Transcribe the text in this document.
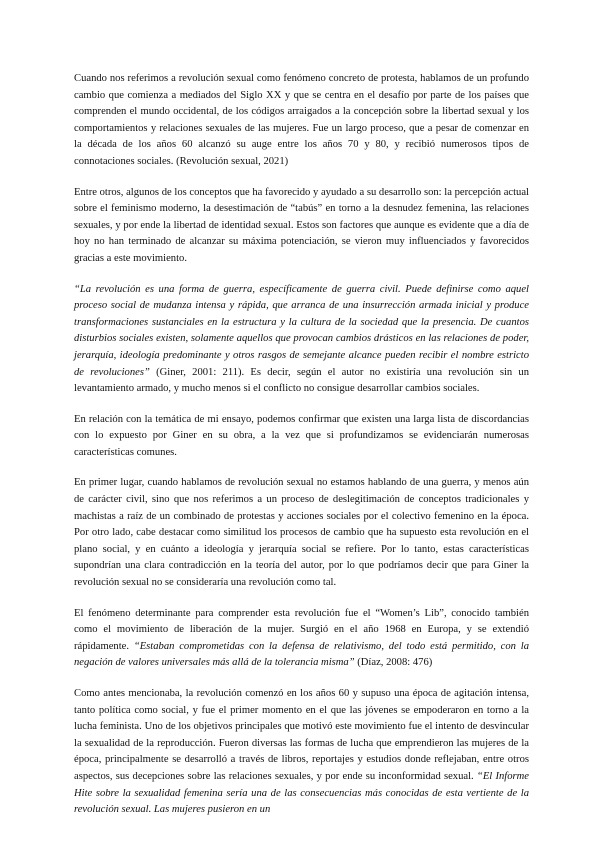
Cuando nos referimos a revolución sexual como fenómeno concreto de protesta, hablamos de un profundo cambio que comienza a mediados del Siglo XX y que se centra en el desafío por parte de los países que comprenden el mundo occidental, de los códigos arraigados a la concepción sobre la libertad sexual y los comportamientos y relaciones sexuales de las mujeres. Fue un largo proceso, que a pesar de comenzar en la década de los años 60 alcanzó su auge entre los años 70 y 80, y recibió numerosos tipos de connotaciones sociales. (Revolución sexual, 2021)

Entre otros, algunos de los conceptos que ha favorecido y ayudado a su desarrollo son: la percepción actual sobre el feminismo moderno, la desestimación de “tabús” en torno a la desnudez femenina, las relaciones sexuales, y por ende la libertad de identidad sexual. Estos son factores que aunque es evidente que a día de hoy no han terminado de alcanzar su máxima potenciación, se vieron muy influenciados y favorecidos gracias a este movimiento.

“La revolución es una forma de guerra, específicamente de guerra civil. Puede definirse como aquel proceso social de mudanza intensa y rápida, que arranca de una insurrección armada inicial y produce transformaciones sustanciales en la estructura y la cultura de la sociedad que la presencia. De cuantos disturbios sociales existen, solamente aquellos que provocan cambios drásticos en las relaciones de poder, jerarquía, ideología predominante y otros rasgos de semejante alcance pueden recibir el nombre estricto de revoluciones” (Giner, 2001: 211). Es decir, según el autor no existiría una revolución sin un levantamiento armado, y mucho menos si el conflicto no consigue desarrollar cambios sociales.

En relación con la temática de mi ensayo, podemos confirmar que existen una larga lista de discordancias con lo expuesto por Giner en su obra, a la vez que si profundizamos se evidenciarán numerosas características comunes.

En primer lugar, cuando hablamos de revolución sexual no estamos hablando de una guerra, y menos aún de carácter civil, sino que nos referimos a un proceso de deslegitimación de conceptos tradicionales y machistas a raíz de un combinado de protestas y acciones sociales por el colectivo femenino en la época. Por otro lado, cabe destacar como similitud los procesos de cambio que ha supuesto esta revolución en el plano social, y en cuánto a ideología y jerarquía social se refiere. Por lo tanto, estas características supondrían una clara contradicción en la teoría del autor, por lo que podríamos decir que para Giner la revolución sexual no se consideraría una revolución como tal.

El fenómeno determinante para comprender esta revolución fue el “Women’s Lib”, conocido también como el movimiento de liberación de la mujer. Surgió en el año 1968 en Europa, y se extendió rápidamente. “Estaban comprometidas con la defensa de relativismo, del todo está permitido, con la negación de valores universales más allá de la tolerancia misma” (Díaz, 2008: 476)

Como antes mencionaba, la revolución comenzó en los años 60 y supuso una época de agitación intensa, tanto política como social, y fue el primer momento en el que las jóvenes se empoderaron en torno a la lucha feminista. Uno de los objetivos principales que motivó este movimiento fue el intento de desvincular la sexualidad de la reproducción. Fueron diversas las formas de lucha que emprendieron las mujeres de la época, principalmente se desarrolló a través de libros, reportajes y estudios donde reflejaban, entre otros aspectos, sus decepciones sobre las relaciones sexuales, y por ende su inconformidad sexual. “El Informe Hite sobre la sexualidad femenina sería una de las consecuencias más conocidas de esta vertiente de la revolución sexual. Las mujeres pusieron en un
